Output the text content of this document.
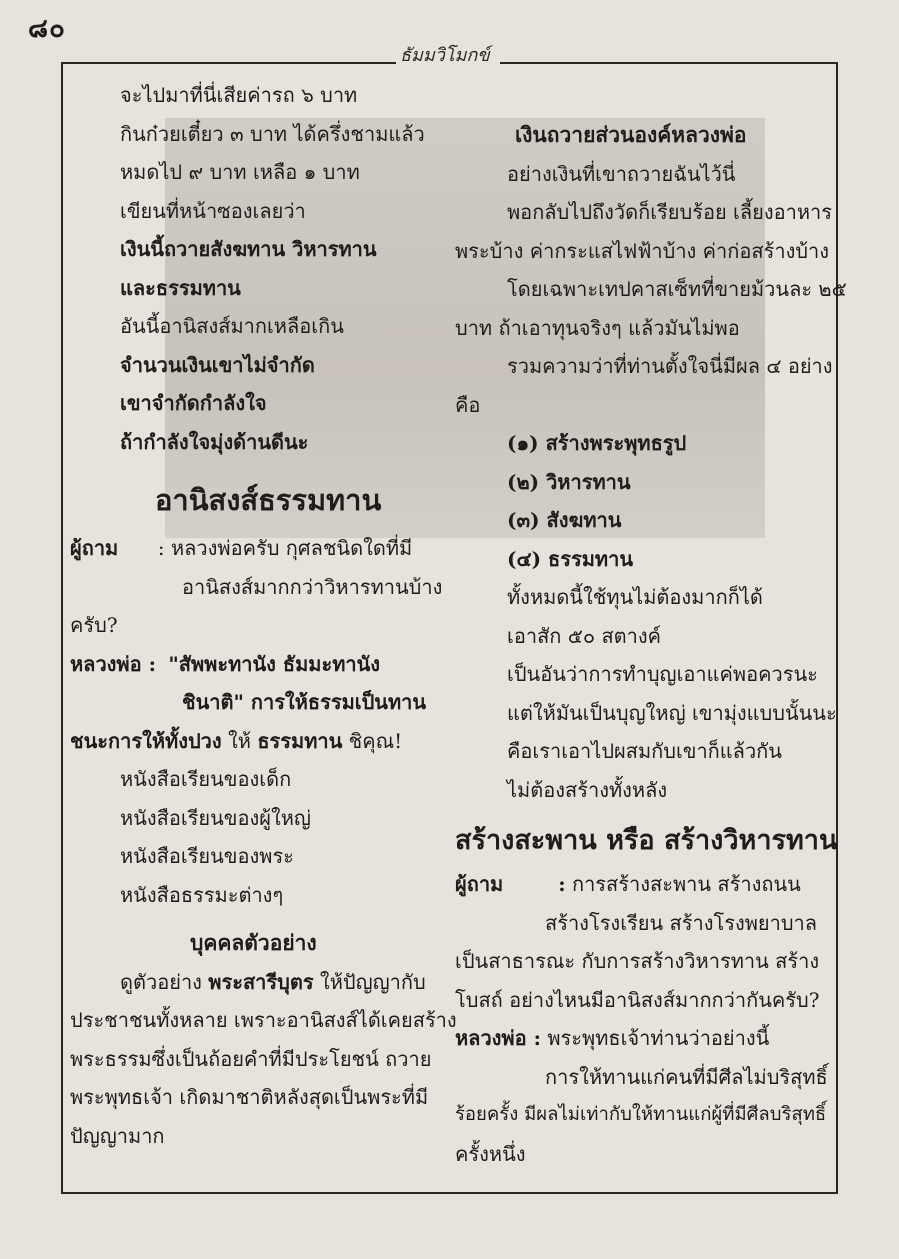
๘๐
ธัมมวิโมกข์

จะไปมาที่นี่เสียค่ารถ ๖ บาท

กินก๋วยเตี๋ยว ๓ บาท ได้ครึ่งชามแล้ว

หมดไป ๙ บาท เหลือ ๑ บาท

เขียนที่หน้าซองเลยว่า

เงินนี้ถวายสังฆทาน วิหารทาน

และธรรมทาน

อันนี้อานิสงส์มากเหลือเกิน

จำนวนเงินเขาไม่จำกัด

เขาจำกัดกำลังใจ

ถ้ากำลังใจมุ่งด้านดีนะ

อานิสงส์ธรรมทาน

ผู้ถาม : หลวงพ่อครับ กุศลชนิดใดที่มี

อานิสงส์มากกว่าวิหารทานบ้าง

ครับ?

หลวงพ่อ : "สัพพะทานัง ธัมมะทานัง

ชินาติ" การให้ธรรมเป็นทาน

ชนะการให้ทั้งปวง ให้ ธรรมทาน ชิคุณ!

หนังสือเรียนของเด็ก

หนังสือเรียนของผู้ใหญ่

หนังสือเรียนของพระ

หนังสือธรรมะต่างๆ

บุคคลตัวอย่าง

ดูตัวอย่าง พระสารีบุตร ให้ปัญญากับ

ประชาชนทั้งหลาย เพราะอานิสงส์ได้เคยสร้าง

พระธรรมซึ่งเป็นถ้อยคำที่มีประโยชน์ ถวาย

พระพุทธเจ้า เกิดมาชาติหลังสุดเป็นพระที่มี

ปัญญามาก

เงินถวายส่วนองค์หลวงพ่อ

อย่างเงินที่เขาถวายฉันไว้นี่

พอกลับไปถึงวัดก็เรียบร้อย เลี้ยงอาหาร

พระบ้าง ค่ากระแสไฟฟ้าบ้าง ค่าก่อสร้างบ้าง

โดยเฉพาะเทปคาสเซ็ทที่ขายม้วนละ ๒๕

บาท ถ้าเอาทุนจริงๆ แล้วมันไม่พอ

รวมความว่าที่ท่านตั้งใจนี่มีผล ๔ อย่าง

คือ

(๑) สร้างพระพุทธรูป

(๒) วิหารทาน

(๓) สังฆทาน

(๔) ธรรมทาน

ทั้งหมดนี้ใช้ทุนไม่ต้องมากก็ได้

เอาสัก ๕๐ สตางค์

เป็นอันว่าการทำบุญเอาแค่พอควรนะ

แต่ให้มันเป็นบุญใหญ่ เขามุ่งแบบนั้นนะ

คือเราเอาไปผสมกับเขาก็แล้วกัน

ไม่ต้องสร้างทั้งหลัง

สร้างสะพาน หรือ สร้างวิหารทาน

ผู้ถาม	: การสร้างสะพาน สร้างถนน

สร้างโรงเรียน สร้างโรงพยาบาล

เป็นสาธารณะ กับการสร้างวิหารทาน สร้าง

โบสถ์ อย่างไหนมีอานิสงส์มากกว่ากันครับ?

หลวงพ่อ : พระพุทธเจ้าท่านว่าอย่างนี้

การให้ทานแก่คนที่มีศีลไม่บริสุทธิ์

ร้อยครั้ง มีผลไม่เท่ากับให้ทานแก่ผู้ที่มีศีลบริสุทธิ์

ครั้งหนึ่ง
